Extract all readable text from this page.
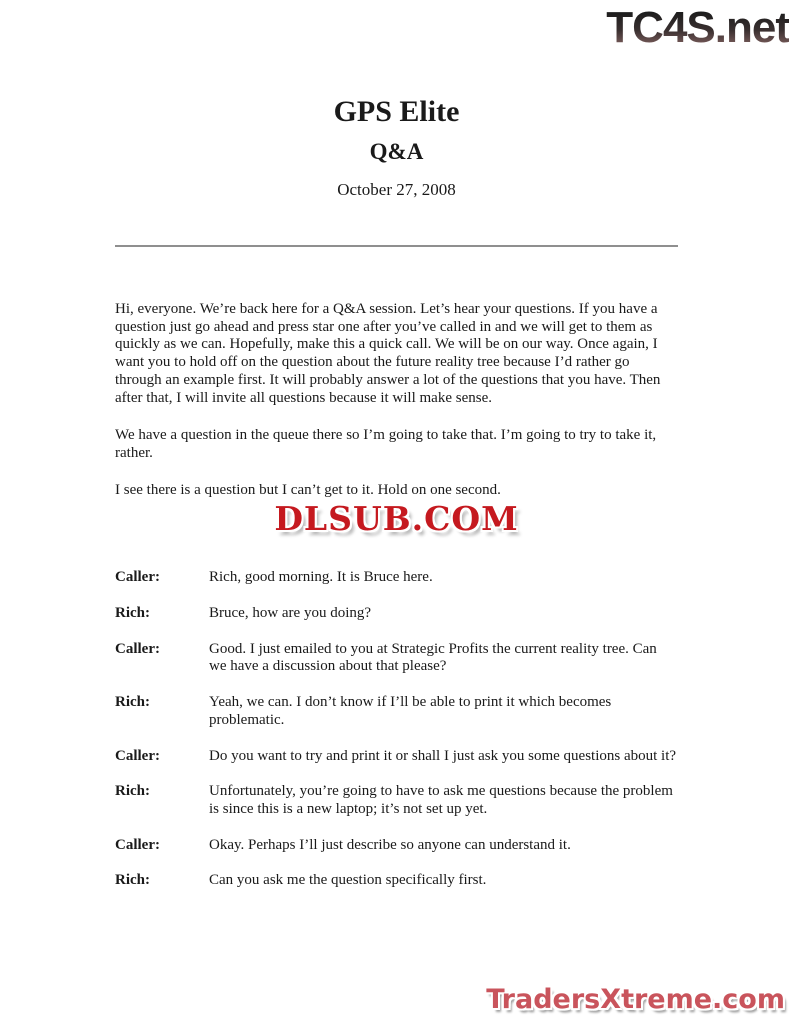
TC4S.net
GPS Elite
Q&A
October 27, 2008

Hi, everyone. We’re back here for a Q&A session. Let’s hear your questions. If you have a question just go ahead and press star one after you’ve called in and we will get to them as quickly as we can. Hopefully, make this a quick call. We will be on our way. Once again, I want you to hold off on the question about the future reality tree because I’d rather go through an example first. It will probably answer a lot of the questions that you have. Then after that, I will invite all questions because it will make sense.

We have a question in the queue there so I’m going to take that. I’m going to try to take it, rather.

I see there is a question but I can’t get to it. Hold on one second.

DLSUB.COM
Caller:	Rich, good morning. It is Bruce here.
Rich:	Bruce, how are you doing?
Caller:	Good. I just emailed to you at Strategic Profits the current reality tree. Can we have a discussion about that please?
Rich:	Yeah, we can. I don’t know if I’ll be able to print it which becomes problematic.
Caller:	Do you want to try and print it or shall I just ask you some questions about it?
Rich:	Unfortunately, you’re going to have to ask me questions because the problem is since this is a new laptop; it’s not set up yet.
Caller:	Okay. Perhaps I’ll just describe so anyone can understand it.
Rich:	Can you ask me the question specifically first.
TradersXtreme.com
